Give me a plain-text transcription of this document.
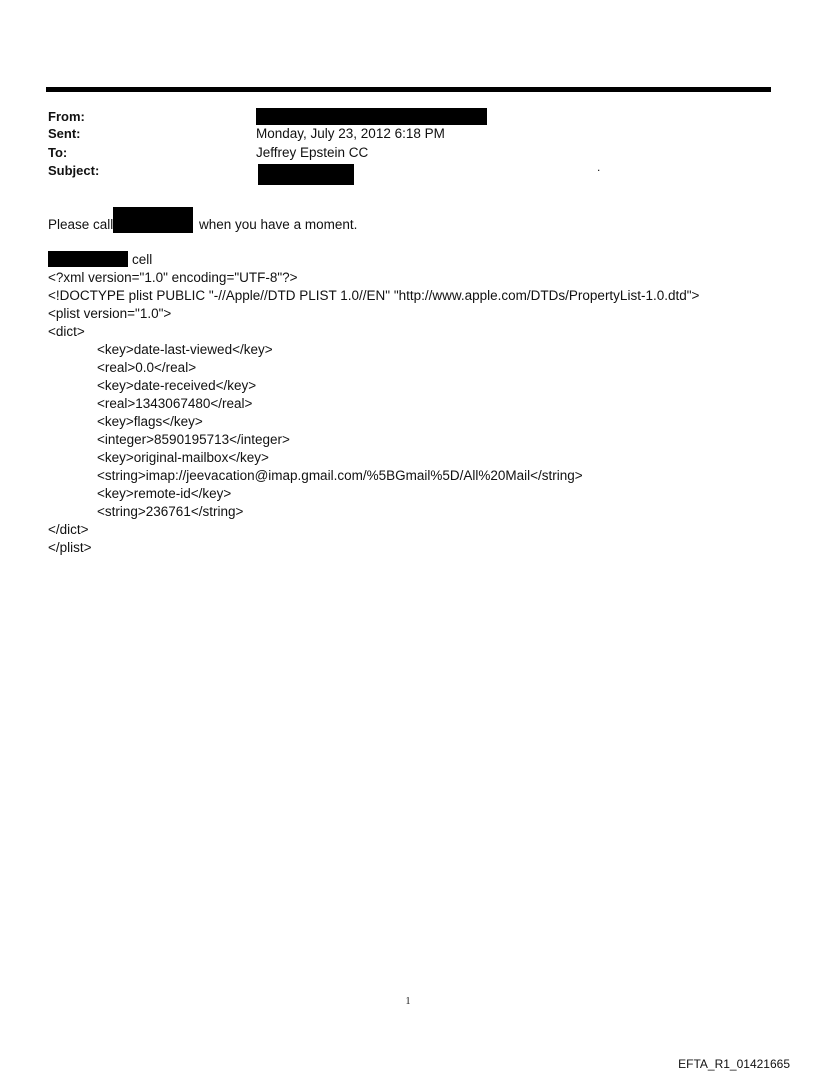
From:
Sent:	Monday, July 23, 2012 6:18 PM
To:	Jeffrey Epstein CC
Subject:	.
Please call	when you have a moment.
cell
<?xml version="1.0" encoding="UTF-8"?>
<!DOCTYPE plist PUBLIC "-//Apple//DTD PLIST 1.0//EN" "http://www.apple.com/DTDs/PropertyList-1.0.dtd">
<plist version="1.0">
<dict>
<key>date-last-viewed</key>
<real>0.0</real>
<key>date-received</key>
<real>1343067480</real>
<key>flags</key>
<integer>8590195713</integer>
<key>original-mailbox</key>
<string>imap://jeevacation@imap.gmail.com/%5BGmail%5D/All%20Mail</string>
<key>remote-id</key>
<string>236761</string>
</dict>
</plist>
1
EFTA_R1_01421665
